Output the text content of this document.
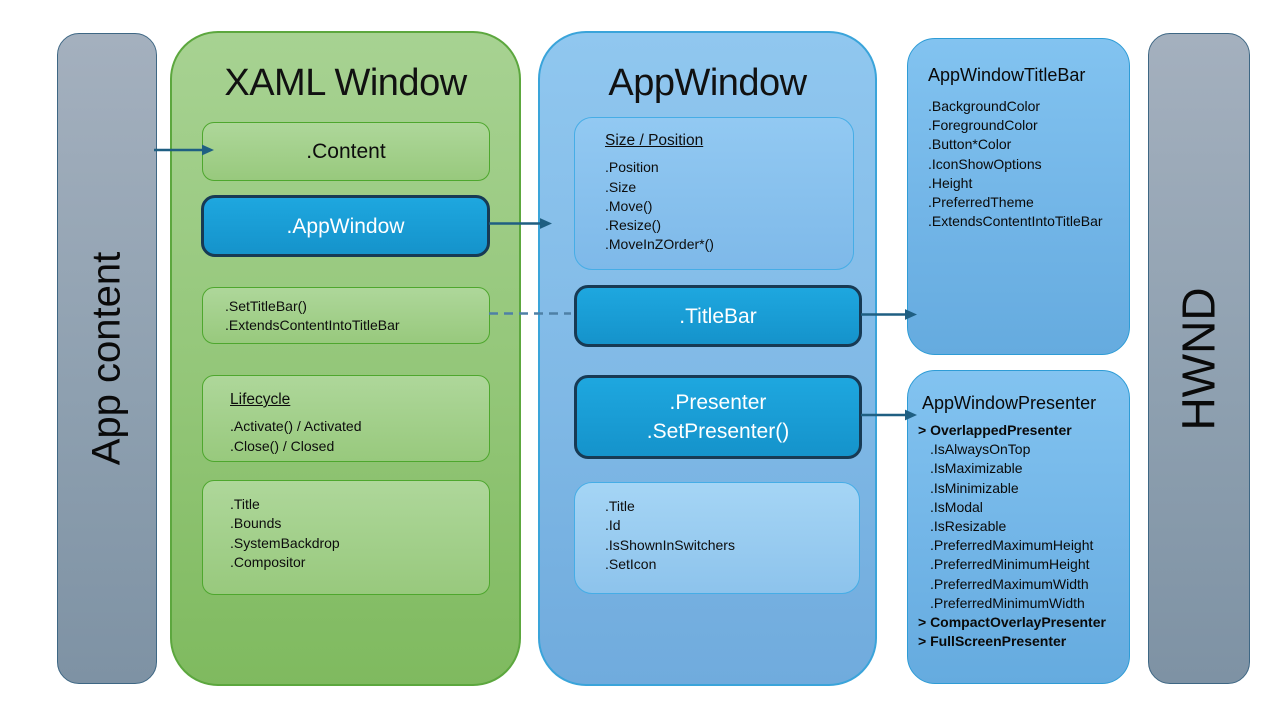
App content
XAML Window
.Content
.AppWindow
.SetTitleBar()
.ExtendsContentIntoTitleBar
Lifecycle
.Activate() / Activated
.Close() / Closed
.Title
.Bounds
.SystemBackdrop
.Compositor
AppWindow
Size / Position
.Position
.Size
.Move()
.Resize()
.MoveInZOrder*()
.TitleBar
.Presenter
.SetPresenter()
.Title
.Id
.IsShownInSwitchers
.SetIcon
AppWindowTitleBar
.BackgroundColor
.ForegroundColor
.Button*Color
.IconShowOptions
.Height
.PreferredTheme
.ExtendsContentIntoTitleBar
AppWindowPresenter
> OverlappedPresenter
.IsAlwaysOnTop
.IsMaximizable
.IsMinimizable
.IsModal
.IsResizable
.PreferredMaximumHeight
.PreferredMinimumHeight
.PreferredMaximumWidth
.PreferredMinimumWidth
> CompactOverlayPresenter
> FullScreenPresenter
HWND
